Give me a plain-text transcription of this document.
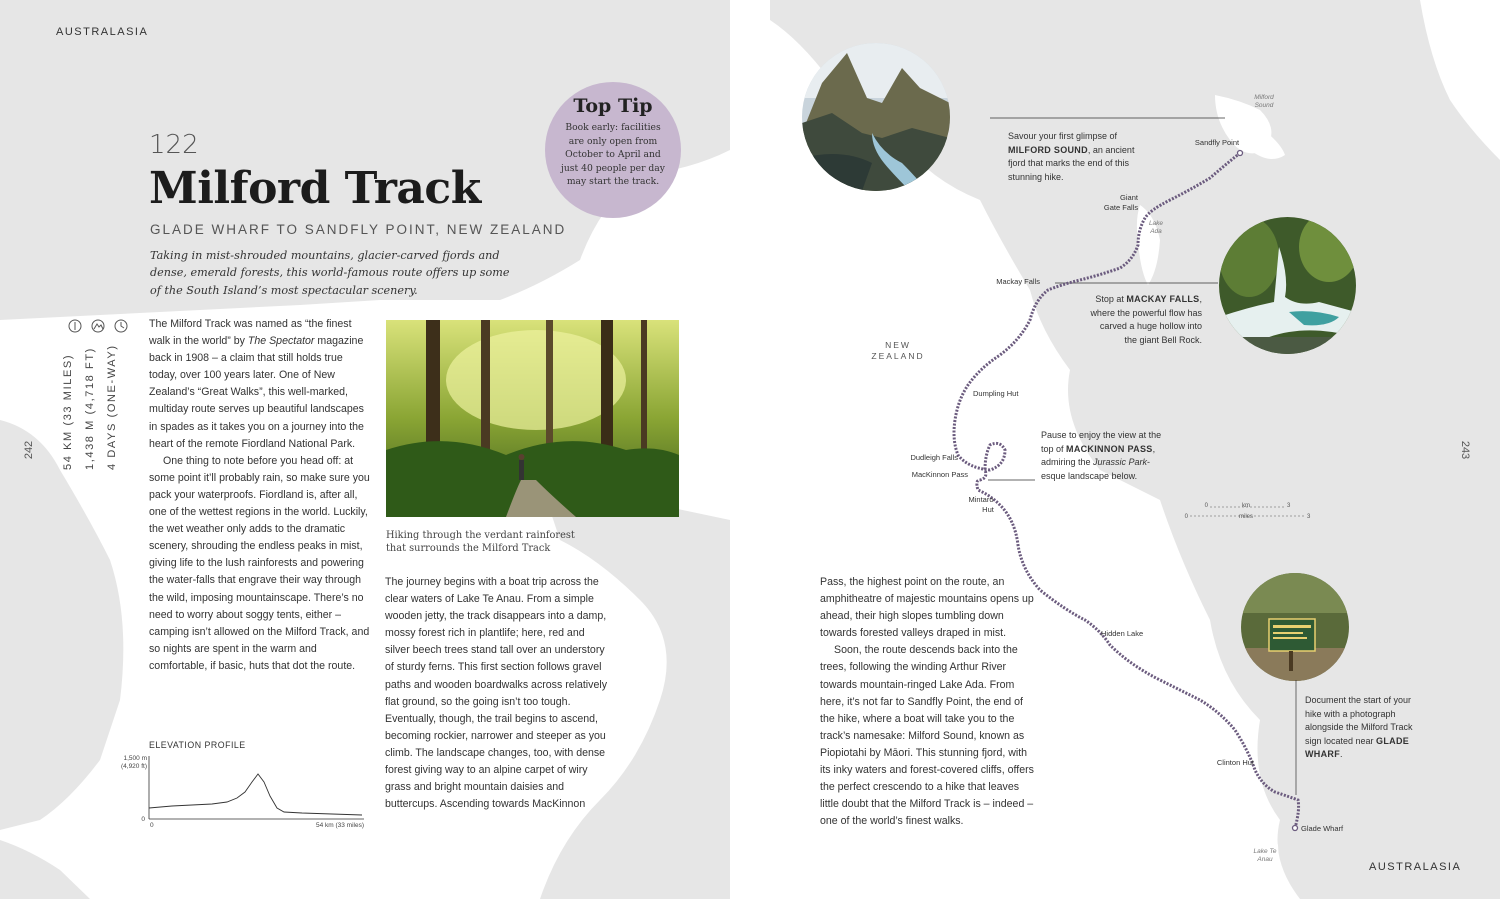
AUSTRALASIA
AUSTRALASIA
242	243
122
Milford Track
GLADE WHARF TO SANDFLY POINT, NEW ZEALAND
Taking in mist-shrouded mountains, glacier-carved fjords and dense, emerald forests, this world-famous route offers up some of the South Island’s most spectacular scenery.
54 KM (33 MILES) 1,438 M (4,718 FT) 4 DAYS (ONE-WAY)

The Milford Track was named as “the finest walk in the world” by The Spectator magazine back in 1908 – a claim that still holds true today, over 100 years later. One of New Zealand’s “Great Walks”, this well-marked, multiday route serves up beautiful landscapes in spades as it takes you on a journey into the heart of the remote Fiordland National Park.

One thing to note before you head off: at some point it’ll probably rain, so make sure you pack your waterproofs. Fiordland is, after all, one of the wettest regions in the world. Luckily, the wet weather only adds to the dramatic scenery, shrouding the endless peaks in mist, giving life to the lush rainforests and powering the water-falls that engrave their way through the wild, imposing mountainscape. There’s no need to worry about soggy tents, either – camping isn’t allowed on the Milford Track, and so nights are spent in the warm and comfortable, if basic, huts that dot the route.

Hiking through the verdant rainforest that surrounds the Milford Track
Top Tip
Book early: facilities are only open from October to April and just 40 people per day may start the track.

The journey begins with a boat trip across the clear waters of Lake Te Anau. From a simple wooden jetty, the track disappears into a damp, mossy forest rich in plantlife; here, red and silver beech trees stand tall over an understory of sturdy ferns. This first section follows gravel paths and wooden boardwalks across relatively flat ground, so the going isn’t too tough. Eventually, though, the trail begins to ascend, becoming rockier, narrower and steeper as you climb. The landscape changes, too, with dense forest giving way to an alpine carpet of wiry grass and bright mountain daisies and buttercups. Ascending towards MacKinnon

ELEVATION PROFILE
1,500 m
(4,920 ft)
0
0	54 km (33 miles)
Sandfly Point
Giant
Gate Falls
Mackay Falls
Dumpling Hut
Dudleigh Falls
MacKinnon Pass
Mintaro
Hut
Hidden Lake
Clinton Hut
Glade Wharf
Milford
Sound
Lake
Ada
Lake Te
Anau
NEW
ZEALAND
0	km	3
0	miles	3
Savour your first glimpse of MILFORD SOUND, an ancient fjord that marks the end of this stunning hike.
Stop at MACKAY FALLS, where the powerful flow has carved a huge hollow into the giant Bell Rock.
Pause to enjoy the view at the top of MACKINNON PASS, admiring the Jurassic Park-esque landscape below.
Document the start of your hike with a photograph alongside the Milford Track sign located near GLADE WHARF.

Pass, the highest point on the route, an amphitheatre of majestic mountains opens up ahead, their high slopes tumbling down towards forested valleys draped in mist.

Soon, the route descends back into the trees, following the winding Arthur River towards mountain-ringed Lake Ada. From here, it’s not far to Sandfly Point, the end of the hike, where a boat will take you to the track’s namesake: Milford Sound, known as Piopiotahi by Māori. This stunning fjord, with its inky waters and forest-covered cliffs, offers the perfect crescendo to a hike that leaves little doubt that the Milford Track is – indeed – one of the world’s finest walks.
